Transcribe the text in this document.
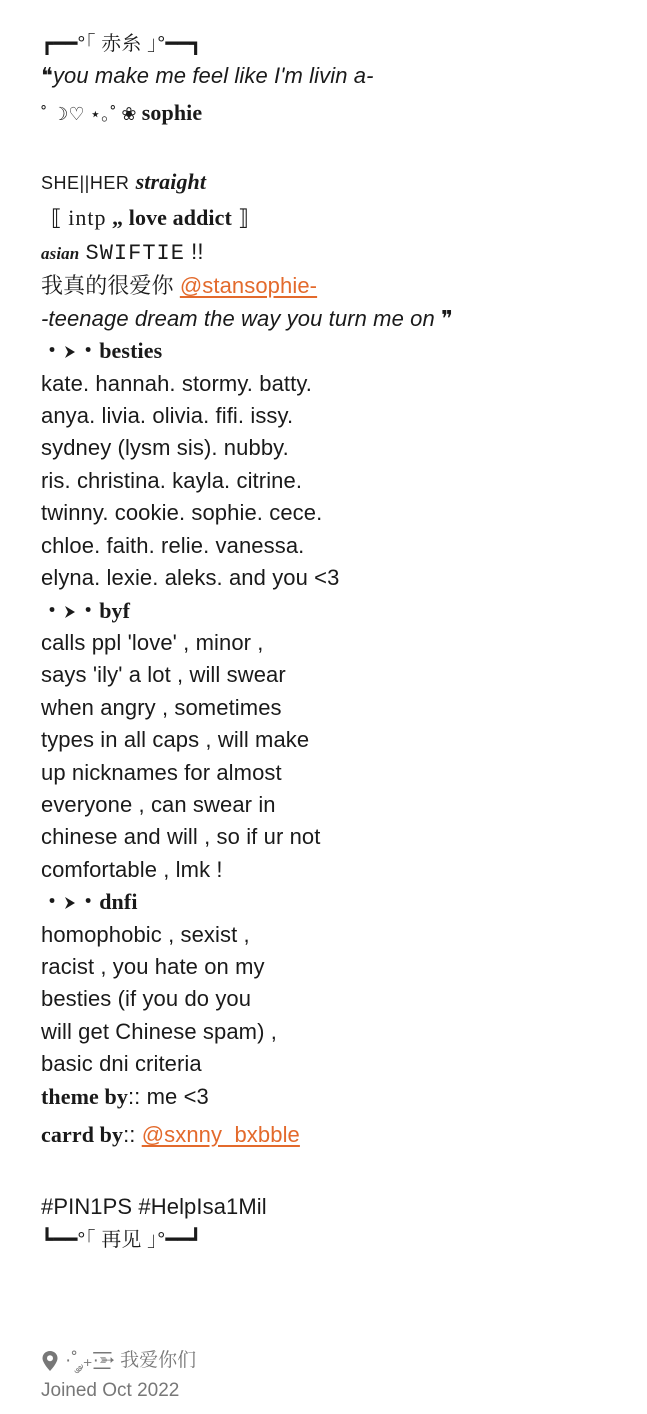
┏━━°｢ 赤糸 ｣°━━┓
❝you make me feel like I'm livin a-
˚ ☽♡ ⋆｡˚ ❀ sophie
SHE||HER straight
⟦ intp „ love addict ⟧
asian SWIFTIE !!
我真的很爱你 @stansophie-
-teenage dream the way you turn me on ❞
・ ・besties
kate. hannah. stormy. batty.
anya. livia. olivia. fifi. issy.
sydney (lysm sis). nubby.
ris. christina. kayla. citrine.
twinny. cookie. sophie. cece.
chloe. faith. relie. vanessa.
elyna. lexie. aleks. and you <3
・ ・byf
calls ppl 'love' , minor ,
says 'ily' a lot , will swear
when angry , sometimes
types in all caps , will make
up nicknames for almost
everyone , can swear in
chinese and will , so if ur not
comfortable , lmk !
・ ・dnfi
homophobic , sexist ,
racist , you hate on my
besties (if you do you
will get Chinese spam) ,
basic dni criteria
theme by:: me <3
carrd by:: @sxnny_bxbble
#PIN1PS #HelpIsa1Mil
┗━━°｢ 再见 ｣°━━┛
·˚ ༘₊·͟͟͟͟͟͟͞͞͞͞͞͞➳ 我爱你们
Joined Oct 2022
